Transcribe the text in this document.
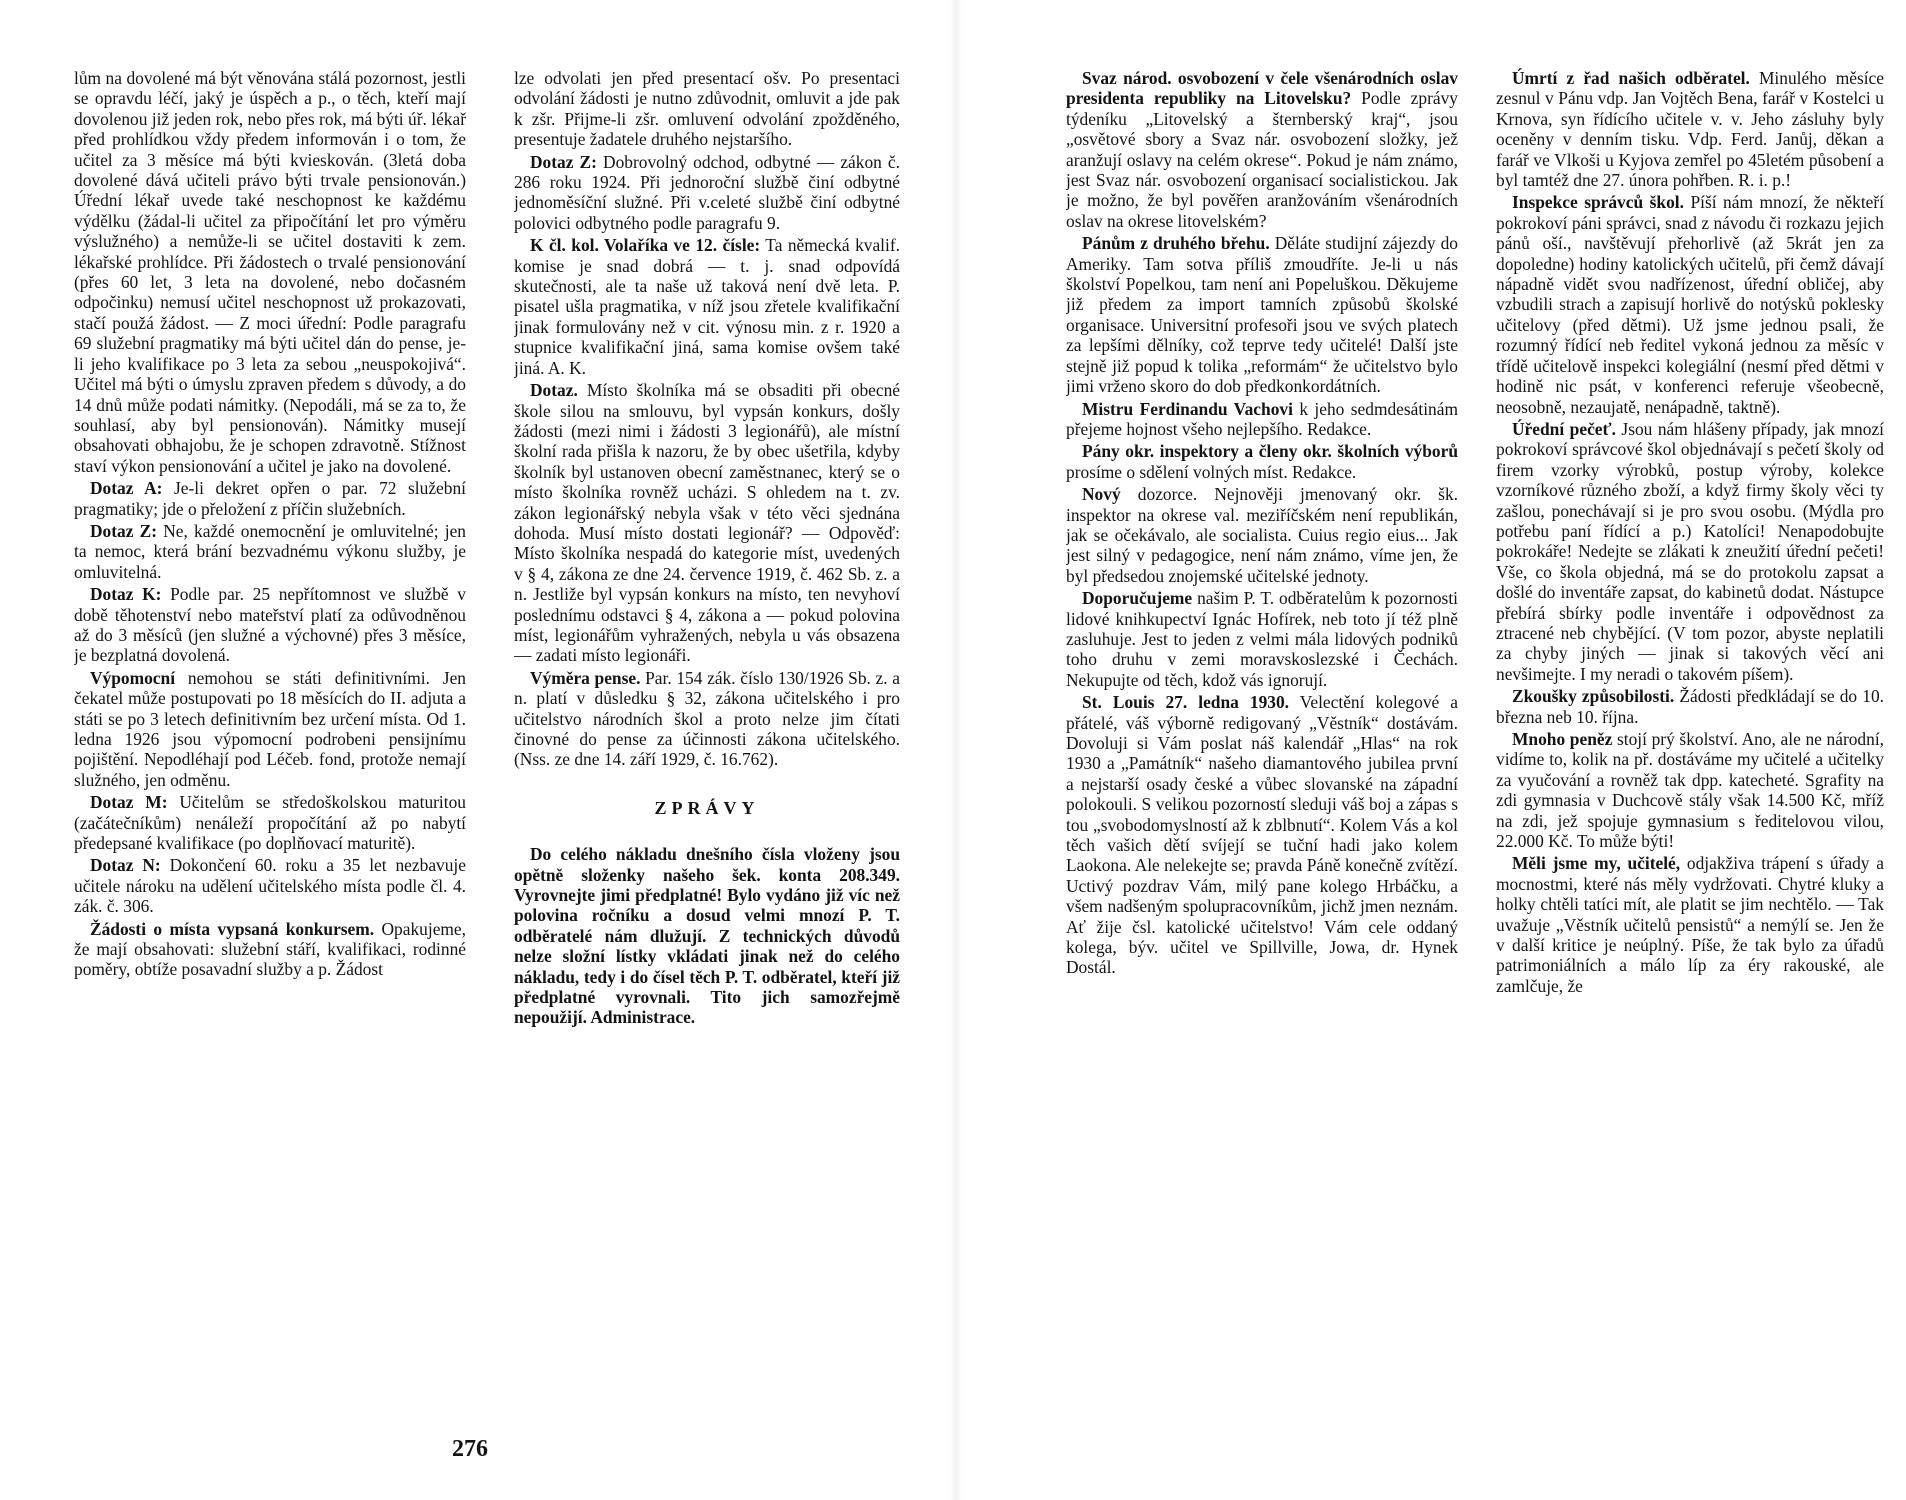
lům na dovolené má být věnována stálá pozornost, jestli se opravdu léčí, jaký je úspěch a p., o těch, kteří mají dovolenou již jeden rok, nebo přes rok, má býti úř. lékař před prohlídkou vždy předem informován i o tom, že učitel za 3 měsíce má býti kvieskován. (3letá doba dovolené dává učiteli právo býti trvale pensionován.) Úřední lékař uvede také neschopnost ke každému výdělku (žádal-li učitel za připočítání let pro výměru výslužného) a nemůže-li se učitel dostaviti k zem. lékařské prohlídce. Při žádostech o trvalé pensionování (přes 60 let, 3 leta na dovolené, nebo dočasném odpočinku) nemusí učitel neschopnost už prokazovati, stačí použá žádost. — Z moci úřední: Podle paragrafu 69 služební pragmatiky má býti učitel dán do pense, je-li jeho kvalifikace po 3 leta za sebou „neuspokojivá“. Učitel má býti o úmyslu zpraven předem s důvody, a do 14 dnů může podati námitky. (Nepodáli, má se za to, že souhlasí, aby byl pensionován). Námitky musejí obsahovati obhajobu, že je schopen zdravotně. Stížnost staví výkon pensionování a učitel je jako na dovolené.

Dotaz A: Je-li dekret opřen o par. 72 služební pragmatiky; jde o přeložení z příčin služebních.

Dotaz Z: Ne, každé onemocnění je omluvitelné; jen ta nemoc, která brání bezvadnému výkonu služby, je omluvitelná.

Dotaz K: Podle par. 25 nepřítomnost ve službě v době těhotenství nebo mateřství platí za odůvodněnou až do 3 měsíců (jen služné a výchovné) přes 3 měsíce, je bezplatná dovolená.

Výpomocní nemohou se státi definitivními. Jen čekatel může postupovati po 18 měsících do II. adjuta a státi se po 3 letech definitivním bez určení místa. Od 1. ledna 1926 jsou výpomocní podrobeni pensijnímu pojištění. Nepodléhají pod Léčeb. fond, protože nemají služného, jen odměnu.

Dotaz M: Učitelům se středoškolskou maturitou (začátečníkům) nenáleží propočítání až po nabytí předepsané kvalifikace (po doplňovací maturitě).

Dotaz N: Dokončení 60. roku a 35 let nezbavuje učitele nároku na udělení učitelského místa podle čl. 4. zák. č. 306.

Žádosti o místa vypsaná konkursem. Opakujeme, že mají obsahovati: služební stáří, kvalifikaci, rodinné poměry, obtíže posavadní služby a p. Žádost

lze odvolati jen před presentací ošv. Po presentaci odvolání žádosti je nutno zdůvodnit, omluvit a jde pak k zšr. Přijme-li zšr. omluvení odvolání zpožděného, presentuje žadatele druhého nejstaršího.

Dotaz Z: Dobrovolný odchod, odbytné — zákon č. 286 roku 1924. Při jednoroční službě činí odbytné jednoměsíční služné. Při v.celeté službě činí odbytné polovici odbytného podle paragrafu 9.

K čl. kol. Volaříka ve 12. čísle: Ta německá kvalif. komise je snad dobrá — t. j. snad odpovídá skutečnosti, ale ta naše už taková není dvě leta. P. pisatel ušla pragmatika, v níž jsou zřetele kvalifikační jinak formulovány než v cit. výnosu min. z r. 1920 a stupnice kvalifikační jiná, sama komise ovšem také jiná. A. K.

Dotaz. Místo školníka má se obsaditi při obecné škole silou na smlouvu, byl vypsán konkurs, došly žádosti (mezi nimi i žádosti 3 legionářů), ale místní školní rada přišla k nazoru, že by obec ušetřila, kdyby školník byl ustanoven obecní zaměstnanec, který se o místo školníka rovněž ucházi. S ohledem na t. zv. zákon legionářský nebyla však v této věci sjednána dohoda. Musí místo dostati legionář? — Odpověď: Místo školníka nespadá do kategorie míst, uvedených v § 4, zákona ze dne 24. července 1919, č. 462 Sb. z. a n. Jestliže byl vypsán konkurs na místo, ten nevyhoví poslednímu odstavci § 4, zákona a — pokud polovina míst, legionářům vyhražených, nebyla u vás obsazena — zadati místo legionáři.

Výměra pense. Par. 154 zák. číslo 130/1926 Sb. z. a n. platí v důsledku § 32, zákona učitelského i pro učitelstvo národních škol a proto nelze jim čítati činovné do pense za účinnosti zákona učitelského. (Nss. ze dne 14. září 1929, č. 16.762).

ZPRÁVY

Do celého nákladu dnešního čísla vloženy jsou opětně složenky našeho šek. konta 208.349. Vyrovnejte jimi předplatné! Bylo vydáno již víc než polovina ročníku a dosud velmi mnozí P. T. odběratelé nám dlužují. Z technických důvodů nelze složní lístky vkládati jinak než do celého nákladu, tedy i do čísel těch P. T. odběratel, kteří již předplatné vyrovnali. Tito jich samozřejmě nepoužijí. Administrace.

276

Svaz národ. osvobození v čele všenárodních oslav presidenta republiky na Litovelsku? Podle zprávy týdeníku „Litovelský a šternberský kraj“, jsou „osvětové sbory a Svaz nár. osvobození složky, jež aranžují oslavy na celém okrese“. Pokud je nám známo, jest Svaz nár. osvobození organisací socialistickou. Jak je možno, že byl pověřen aranžováním všenárodních oslav na okrese litovelském?

Pánům z druhého břehu. Děláte studijní zájezdy do Ameriky. Tam sotva příliš zmoudříte. Je-li u nás školství Popelkou, tam není ani Popeluškou. Děkujeme již předem za import tamních způsobů školské organisace. Universitní profesoři jsou ve svých platech za lepšími dělníky, což teprve tedy učitelé! Další jste stejně již popud k tolika „reformám“ že učitelstvo bylo jimi vrženo skoro do dob předkonkordátních.

Mistru Ferdinandu Vachovi k jeho sedmdesátinám přejeme hojnost všeho nejlepšího. Redakce.

Pány okr. inspektory a členy okr. školních výborů prosíme o sdělení volných míst. Redakce.

Nový dozorce. Nejnověji jmenovaný okr. šk. inspektor na okrese val. meziříčském není republikán, jak se očekávalo, ale socialista. Cuius regio eius... Jak jest silný v pedagogice, není nám známo, víme jen, že byl předsedou znojemské učitelské jednoty.

Doporučujeme našim P. T. odběratelům k pozornosti lidové knihkupectví Ignác Hofírek, neb toto jí též plně zasluhuje. Jest to jeden z velmi mála lidových podniků toho druhu v zemi moravskoslezské i Čechách. Nekupujte od těch, kdož vás ignorují.

St. Louis 27. ledna 1930. Velectění kolegové a přátelé, váš výborně redigovaný „Věstník“ dostávám. Dovoluji si Vám poslat náš kalendář „Hlas“ na rok 1930 a „Památník“ našeho diamantového jubilea první a nejstarší osady české a vůbec slovanské na západní polokouli. S velikou pozorností sleduji váš boj a zápas s tou „svobodomyslností až k zblbnutí“. Kolem Vás a kol těch vašich dětí svíjejí se tuční hadi jako kolem Laokona. Ale nelekejte se; pravda Páně konečně zvítězí. Uctivý pozdrav Vám, milý pane kolego Hrbáčku, a všem nadšeným spolupracovníkům, jichž jmen neznám. Ať žije čsl. katolické učitelstvo! Vám cele oddaný kolega, býv. učitel ve Spillville, Jowa, dr. Hynek Dostál.

Úmrtí z řad našich odběratel. Minulého měsíce zesnul v Pánu vdp. Jan Vojtěch Bena, farář v Kostelci u Krnova, syn řídícího učitele v. v. Jeho zásluhy byly oceněny v denním tisku. Vdp. Ferd. Janůj, děkan a farář ve Vlkoši u Kyjova zemřel po 45letém působení a byl tamtéž dne 27. února pohřben. R. i. p.!

Inspekce správců škol. Píší nám mnozí, že někteří pokrokoví páni správci, snad z návodu či rozkazu jejich pánů oší., navštěvují přehorlivě (až 5krát jen za dopoledne) hodiny katolických učitelů, při čemž dávají nápadně vidět svou nadřízenost, úřední obličej, aby vzbudili strach a zapisují horlivě do notýsků poklesky učitelovy (před dětmi). Už jsme jednou psali, že rozumný řídící neb ředitel vykoná jednou za měsíc v třídě učitelově inspekci kolegiální (nesmí před dětmi v hodině nic psát, v konferenci referuje všeobecně, neosobně, nezaujatě, nenápadně, taktně).

Úřední pečeť. Jsou nám hlášeny případy, jak mnozí pokrokoví správcové škol objednávají s pečetí školy od firem vzorky výrobků, postup výroby, kolekce vzorníkové různého zboží, a když firmy školy věci ty zašlou, ponechávají si je pro svou osobu. (Mýdla pro potřebu paní řídící a p.) Katolíci! Nenapodobujte pokrokáře! Nedejte se zlákati k zneužití úřední pečeti! Vše, co škola objedná, má se do protokolu zapsat a došlé do inventáře zapsat, do kabinetů dodat. Nástupce přebírá sbírky podle inventáře i odpovědnost za ztracené neb chybějící. (V tom pozor, abyste neplatili za chyby jiných — jinak si takových věcí ani nevšimejte. I my neradi o takovém píšem).

Zkoušky způsobilosti. Žádosti předkládají se do 10. března neb 10. října.

Mnoho peněz stojí prý školství. Ano, ale ne národní, vidíme to, kolik na př. dostáváme my učitelé a učitelky za vyučování a rovněž tak dpp. katecheté. Sgrafity na zdi gymnasia v Duchcově stály však 14.500 Kč, mříž na zdi, jež spojuje gymnasium s ředitelovou vilou, 22.000 Kč. To může býti!

Měli jsme my, učitelé, odjakživa trápení s úřady a mocnostmi, které nás měly vydržovati. Chytré kluky a holky chtěli tatíci mít, ale platit se jim nechtělo. — Tak uvažuje „Věstník učitelů pensistů“ a nemýlí se. Jen že v další kritice je neúplný. Píše, že tak bylo za úřadů patrimoniálních a málo líp za éry rakouské, ale zamlčuje, že
